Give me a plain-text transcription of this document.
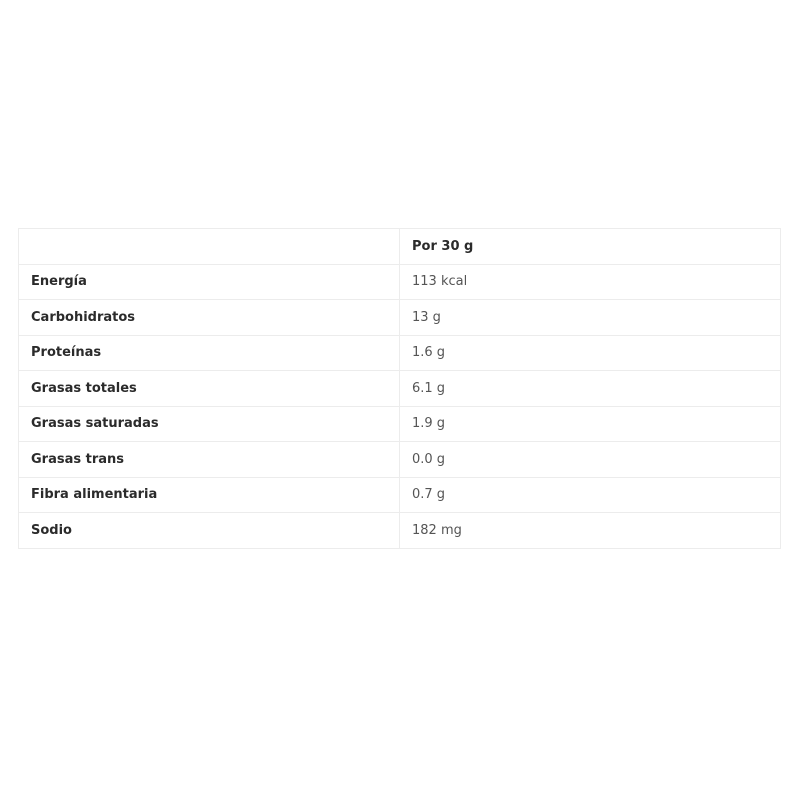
	Por 30 g
Energía	113 kcal
Carbohidratos	13 g
Proteínas	1.6 g
Grasas totales	6.1 g
Grasas saturadas	1.9 g
Grasas trans	0.0 g
Fibra alimentaria	0.7 g
Sodio	182 mg
